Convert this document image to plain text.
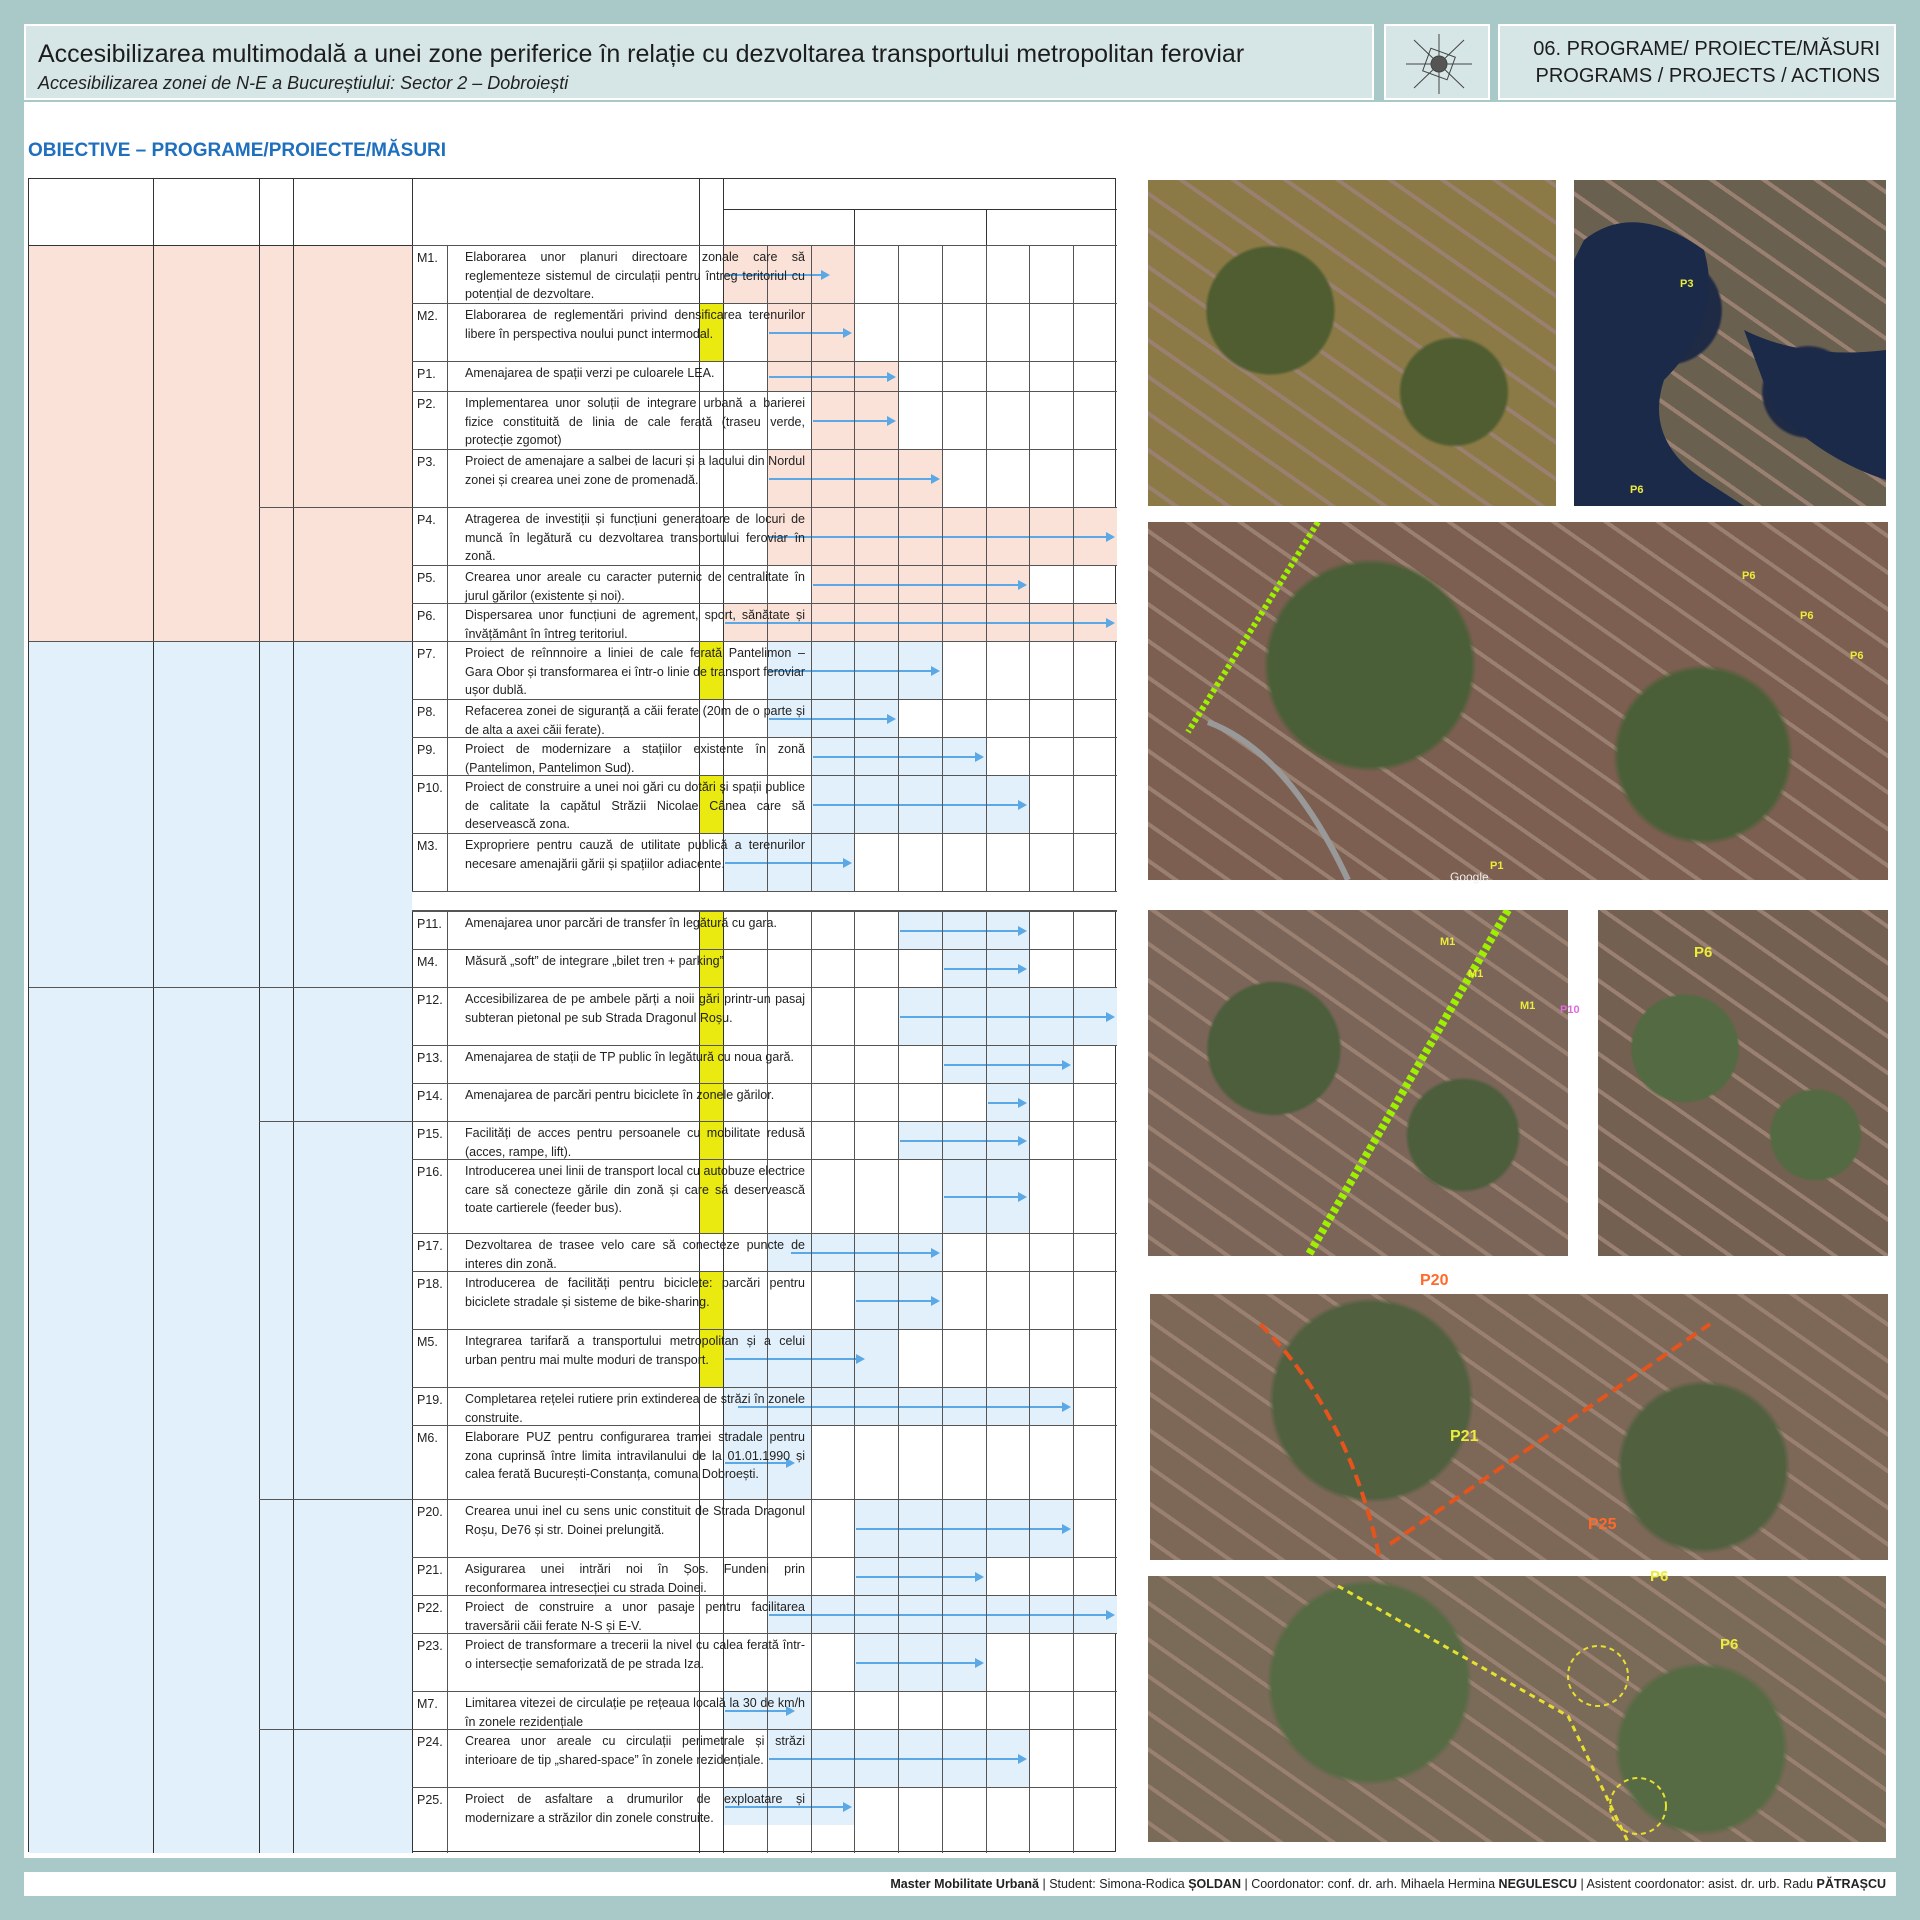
Accesibilizarea multimodală a unei zone periferice în relație cu dezvoltarea transportului metropolitan feroviar
Accesibilizarea zonei de N-E a Bucureștiului: Sector 2 – Dobroiești
06. PROGRAME/ PROIECTE/MĂSURI
PROGRAMS / PROJECTS / ACTIONS
OBIECTIVE – PROGRAME/PROIECTE/MĂSURI
M1.	Elaborarea unor planuri directoare zonale care să reglementeze sistemul de circulații pentru întreg teritoriul cu potențial de dezvoltare.
M2.	Elaborarea de reglementări privind densificarea terenurilor libere în perspectiva noului punct intermodal.
P1.	Amenajarea de spații verzi pe culoarele LEA.
P2.	Implementarea unor soluții de integrare urbană a barierei fizice constituită de linia de cale ferată (traseu verde, protecție zgomot)
P3.	Proiect de amenajare a salbei de lacuri și a lacului din Nordul zonei și crearea unei zone de promenadă.
P4.	Atragerea de investiții și funcțiuni generatoare de locuri de muncă în legătură cu dezvoltarea transportului feroviar în zonă.
P5.	Crearea unor areale cu caracter puternic de centralitate în jurul gărilor (existente și noi).
P6.	Dispersarea unor funcțiuni de agrement, sport, sănătate și învățământ în întreg teritoriul.
P7.	Proiect de reînnnoire a liniei de cale ferată Pantelimon – Gara Obor și transformarea ei într-o linie de transport feroviar ușor dublă.
P8.	Refacerea zonei de siguranță a căii ferate (20m de o parte și de alta a axei căii ferate).
P9.	Proiect de modernizare a stațiilor existente în zonă (Pantelimon, Pantelimon Sud).
P10.	Proiect de construire a unei noi gări cu dotări și spații publice de calitate la capătul Străzii Nicolae Cânea care să deservească zona.
M3.	Expropriere pentru cauză de utilitate publică a terenurilor necesare amenajării gării și spațiilor adiacente.
P11.	Amenajarea unor parcări de transfer în legătură cu gara.
M4.	Măsură „soft” de integrare „bilet tren + parking”
P12.	Accesibilizarea de pe ambele părți a noii gări printr-un pasaj subteran pietonal pe sub Strada Dragonul Roșu.
P13.	Amenajarea de stații de TP public în legătură cu noua gară.
P14.	Amenajarea de parcări pentru biciclete în zonele gărilor.
P15.	Facilități de acces pentru persoanele cu mobilitate redusă (acces, rampe, lift).
P16.	Introducerea unei linii de transport local cu autobuze electrice care să conecteze gările din zonă și care să deservească toate cartierele (feeder bus).
P17.	Dezvoltarea de trasee velo care să conecteze puncte de interes din zonă.
P18.	Introducerea de facilități pentru biciclete: parcări pentru biciclete stradale și sisteme de bike-sharing.
M5.	Integrarea tarifară a transportului metropolitan și a celui urban pentru mai multe moduri de transport.
P19.	Completarea rețelei rutiere prin extinderea de străzi în zonele construite.
M6.	Elaborare PUZ pentru configurarea tramei stradale pentru zona cuprinsă între limita intravilanului de la 01.01.1990 și calea ferată București-Constanța, comuna Dobroești.
P20.	Crearea unui inel cu sens unic constituit de Strada Dragonul Roșu, De76 și str. Doinei prelungită.
P21.	Asigurarea unei intrări noi în Șos. Fundeni prin reconformarea intresecției cu strada Doinei.
P22.	Proiect de construire a unor pasaje pentru facilitarea traversării căii ferate N-S și E-V.
P23.	Proiect de transformare a trecerii la nivel cu calea ferată într-o intersecție semaforizată de pe strada Iza.
M7.	Limitarea vitezei de circulație pe rețeaua locală la 30 de km/h în zonele rezidențiale
P24.	Crearea unor areale cu circulații perimetrale și străzi interioare de tip „shared-space” în zonele rezidențiale.
P25.	Proiect de asfaltare a drumurilor de exploatare și modernizare a străzilor din zonele construite.
P3
P6
P6
P6
P6
P1
M1
M1
M1 P10
P6
P20
P21
P25
P6
P6
Google
Master Mobilitate Urbană | Student: Simona-Rodica ȘOLDAN | Coordonator: conf. dr. arh. Mihaela Hermina NEGULESCU | Asistent coordonator: asist. dr. urb. Radu PĂTRAȘCU
